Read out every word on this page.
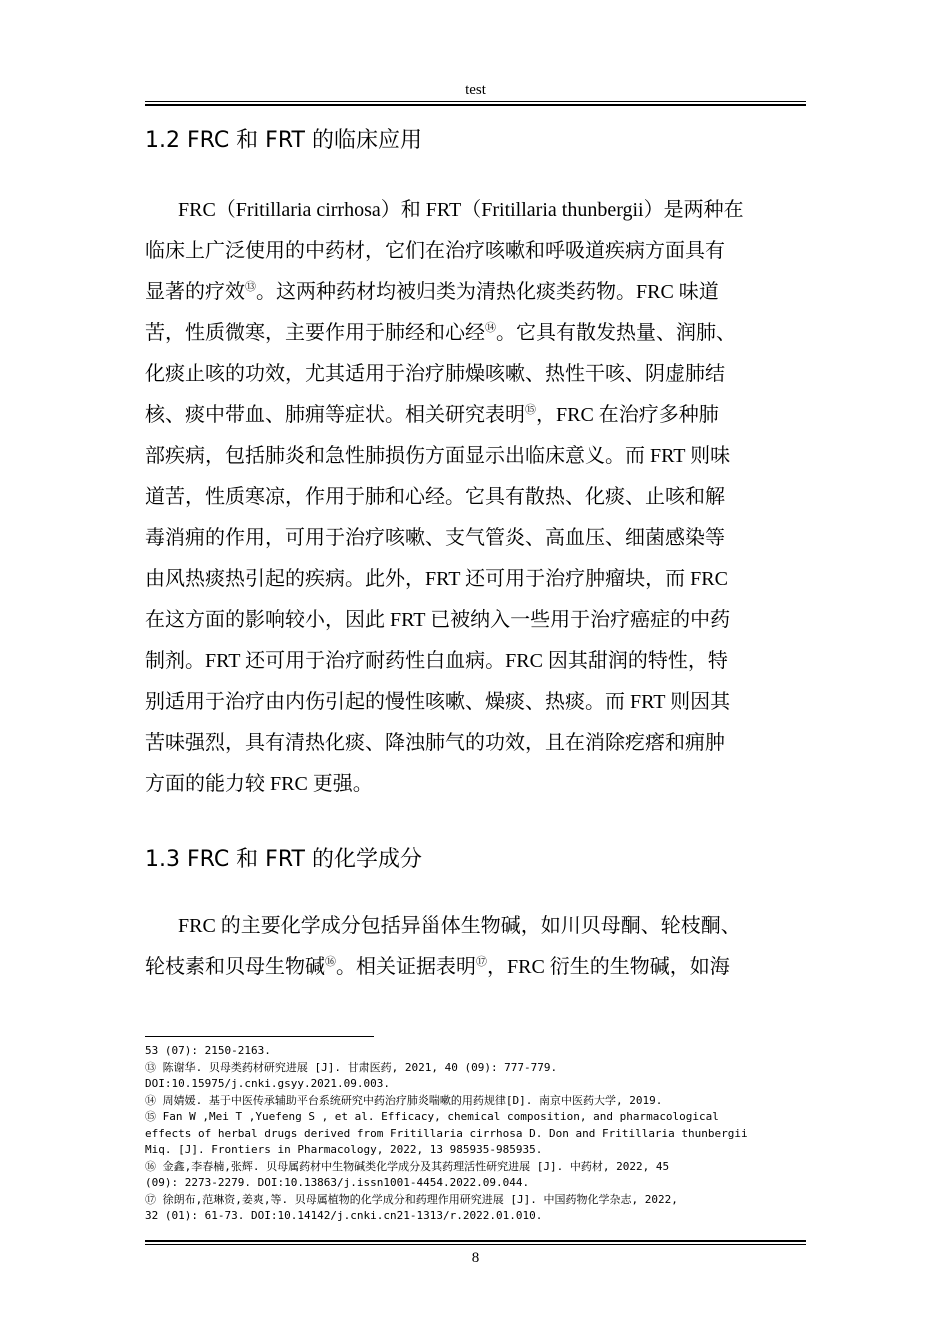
test
1.2 FRC 和 FRT 的临床应用
FRC（Fritillaria cirrhosa）和 FRT（Fritillaria thunbergii）是两种在
临床上广泛使用的中药材，它们在治疗咳嗽和呼吸道疾病方面具有
显著的疗效⑬。这两种药材均被归类为清热化痰类药物。FRC 味道
苦，性质微寒，主要作用于肺经和心经⑭。它具有散发热量、润肺、
化痰止咳的功效，尤其适用于治疗肺燥咳嗽、热性干咳、阴虚肺结
核、痰中带血、肺痈等症状。相关研究表明⑮，FRC 在治疗多种肺
部疾病，包括肺炎和急性肺损伤方面显示出临床意义。而 FRT 则味
道苦，性质寒凉，作用于肺和心经。它具有散热、化痰、止咳和解
毒消痈的作用，可用于治疗咳嗽、支气管炎、高血压、细菌感染等
由风热痰热引起的疾病。此外，FRT 还可用于治疗肿瘤块，而 FRC
在这方面的影响较小，因此 FRT 已被纳入一些用于治疗癌症的中药
制剂。FRT 还可用于治疗耐药性白血病。FRC 因其甜润的特性，特
别适用于治疗由内伤引起的慢性咳嗽、燥痰、热痰。而 FRT 则因其
苦味强烈，具有清热化痰、降浊肺气的功效，且在消除疙瘩和痈肿
方面的能力较 FRC 更强。
1.3 FRC 和 FRT 的化学成分
FRC 的主要化学成分包括异甾体生物碱，如川贝母酮、轮枝酮、
轮枝素和贝母生物碱⑯。相关证据表明⑰，FRC 衍生的生物碱，如海
53 (07): 2150-2163.
⑬ 陈谢华. 贝母类药材研究进展 [J]. 甘肃医药, 2021, 40 (09): 777-779.
DOI:10.15975/j.cnki.gsyy.2021.09.003.
⑭ 周婧媛. 基于中医传承辅助平台系统研究中药治疗肺炎喘嗽的用药规律[D]. 南京中医药大学, 2019.
⑮ Fan W ,Mei T ,Yuefeng S , et al. Efficacy, chemical composition, and pharmacological
effects of herbal drugs derived from Fritillaria cirrhosa D. Don and Fritillaria thunbergii
Miq. [J]. Frontiers in Pharmacology, 2022, 13 985935-985935.
⑯ 金鑫,李春楠,张辉. 贝母属药材中生物碱类化学成分及其药理活性研究进展 [J]. 中药材, 2022, 45
(09): 2273-2279. DOI:10.13863/j.issn1001-4454.2022.09.044.
⑰ 徐朗布,范琳资,姜爽,等. 贝母属植物的化学成分和药理作用研究进展 [J]. 中国药物化学杂志, 2022,
32 (01): 61-73. DOI:10.14142/j.cnki.cn21-1313/r.2022.01.010.
8
